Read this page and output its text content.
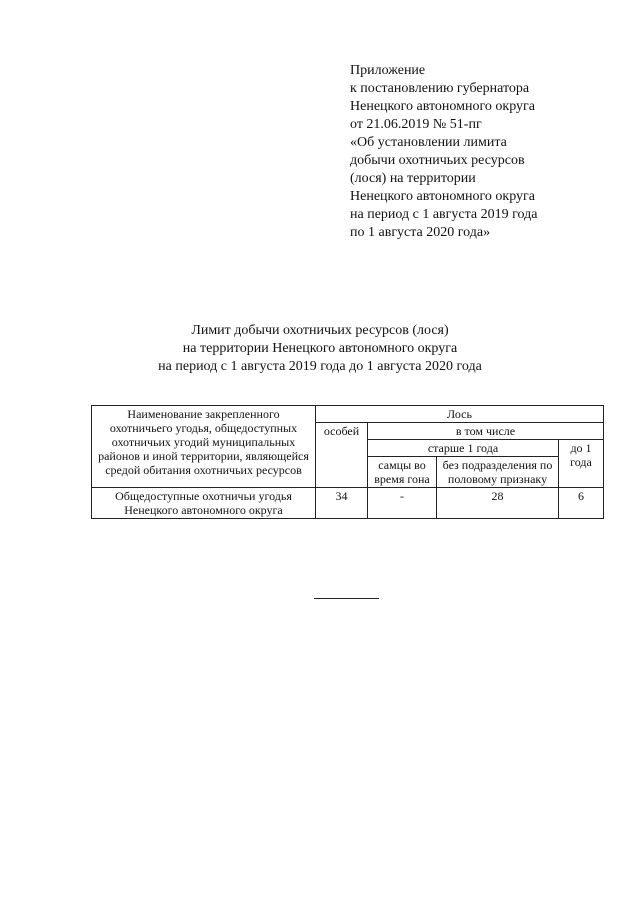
Приложение
к постановлению губернатора
Ненецкого автономного округа
от 21.06.2019 № 51-пг
«Об установлении лимита
добычи охотничьих ресурсов
(лося) на территории
Ненецкого автономного округа
на период с 1 августа 2019 года
по 1 августа 2020 года»
Лимит добычи охотничьих ресурсов (лося)
на территории Ненецкого автономного округа
на период с 1 августа 2019 года до 1 августа 2020 года
Наименование закрепленного охотничьего угодья, общедоступных охотничьих угодий муниципальных районов и иной территории, являющейся средой обитания охотничьих ресурсов	Лось			
	особей	в том числе		
		старше 1 года		до 1 года
		самцы во время гона	без подразделения по половому признаку	
Общедоступные охотничьи угодья Ненецкого автономного округа	34	-	28	6
